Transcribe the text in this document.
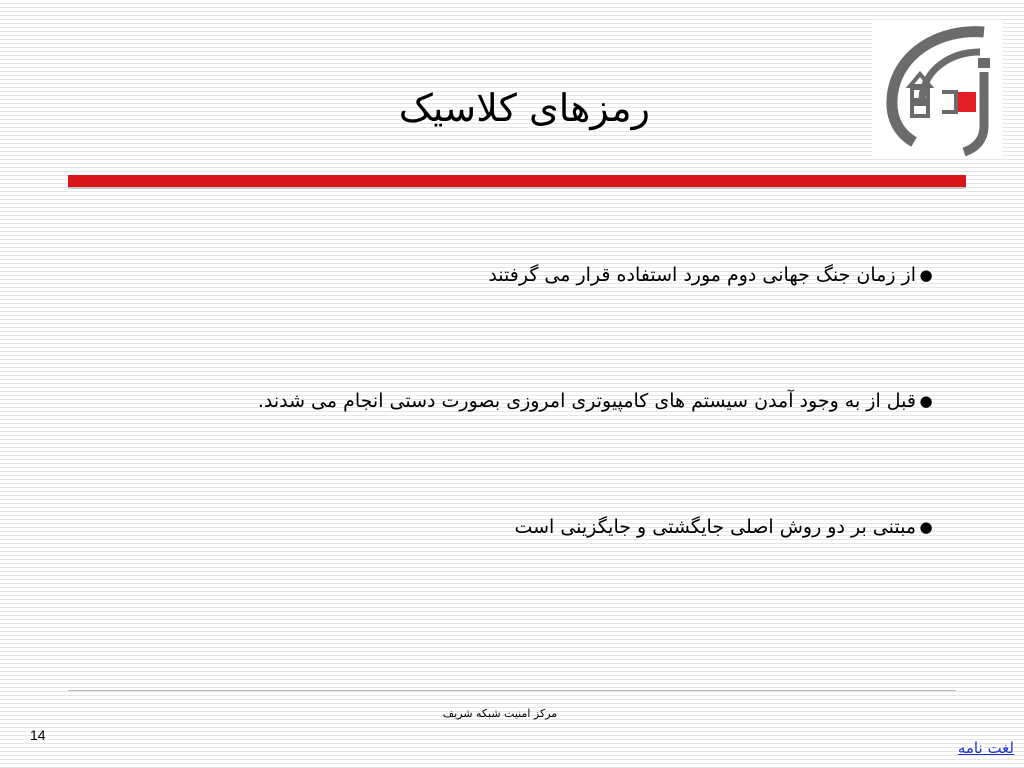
رمزهای کلاسیک
●
از زمان جنگ جهانی دوم مورد استفاده قرار می گرفتند
●
قبل از به وجود آمدن سیستم های کامپیوتری امروزی بصورت دستی انجام می شدند.
●
مبتنی بر دو روش اصلی جایگشتی و جایگزینی است
مرکز امنیت شبکه شریف
14
لغت نامه
